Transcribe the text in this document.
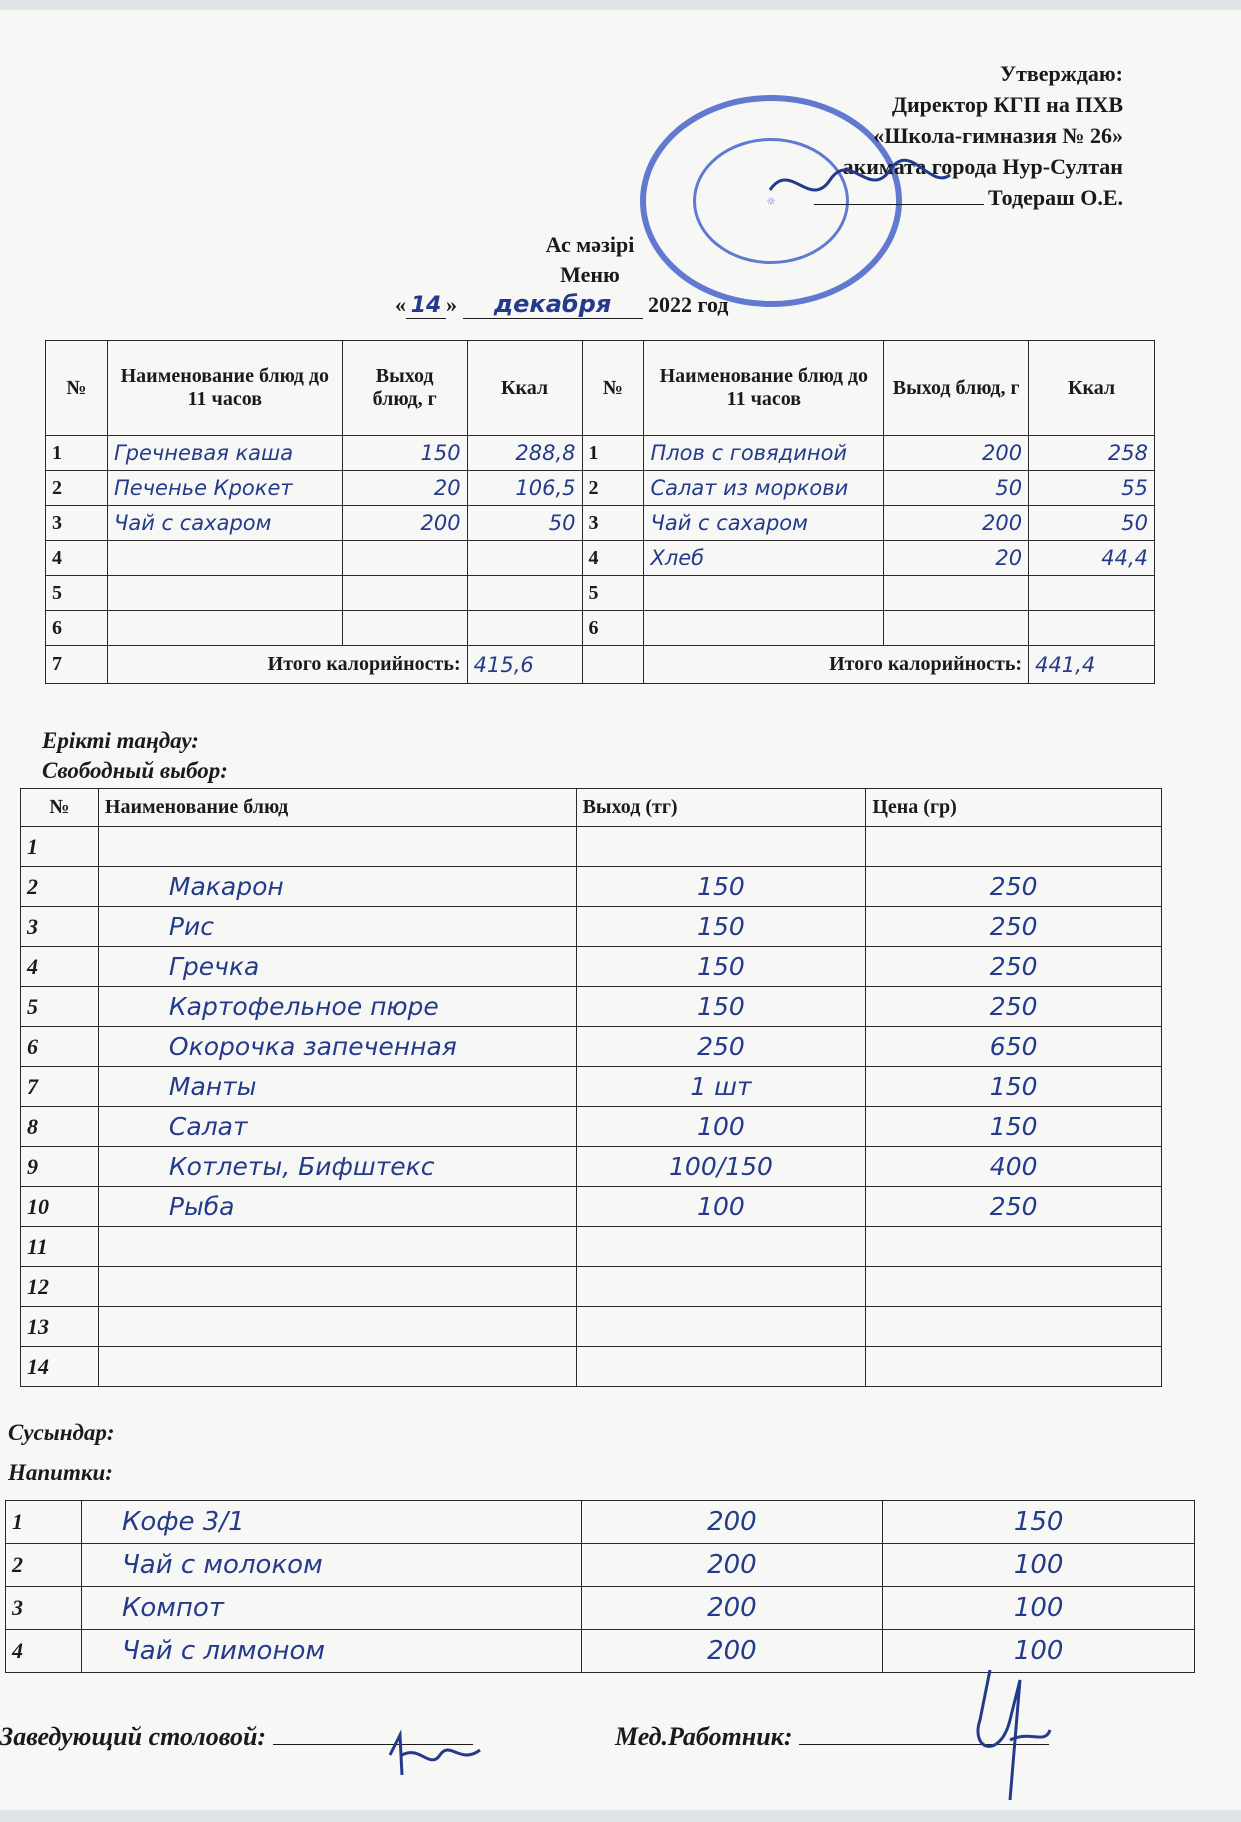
☼
Утверждаю:
Директор КГП на ПХВ
«Школа-гимназия № 26»
акимата города Нур-Султан
Тодераш О.Е.
Ас мәзірі
Меню
« 14 » декабря 2022 год
№	Наименование блюд до 11 часов	Выход блюд, г	Ккал	№	Наименование блюд до 11 часов	Выход блюд, г	Ккал
1	Гречневая каша	150	288,8	1	Плов с говядиной	200	258
2	Печенье Крокет	20	106,5	2	Салат из моркови	50	55
3	Чай с сахаром	200	50	3	Чай с сахаром	200	50
4				4	Хлеб	20	44,4
5				5			
6				6			
7	Итого калорийность:		415,6		Итого калорийность:		441,4
Ерікті таңдау:
Свободный выбор:
№	Наименование блюд	Выход (тг)	Цена (гр)
1			
2	Макарон	150	250
3	Рис	150	250
4	Гречка	150	250
5	Картофельное пюре	150	250
6	Окорочка запеченная	250	650
7	Манты	1 шт	150
8	Салат	100	150
9	Котлеты, Бифштекс	100/150	400
10	Рыба	100	250
11			
12			
13			
14			
Сусындар:
Напитки:
1	Кофе 3/1	200	150
2	Чай с молоком	200	100
3	Компот	200	100
4	Чай с лимоном	200	100
Заведующий столовой:	Мед.Работник:
